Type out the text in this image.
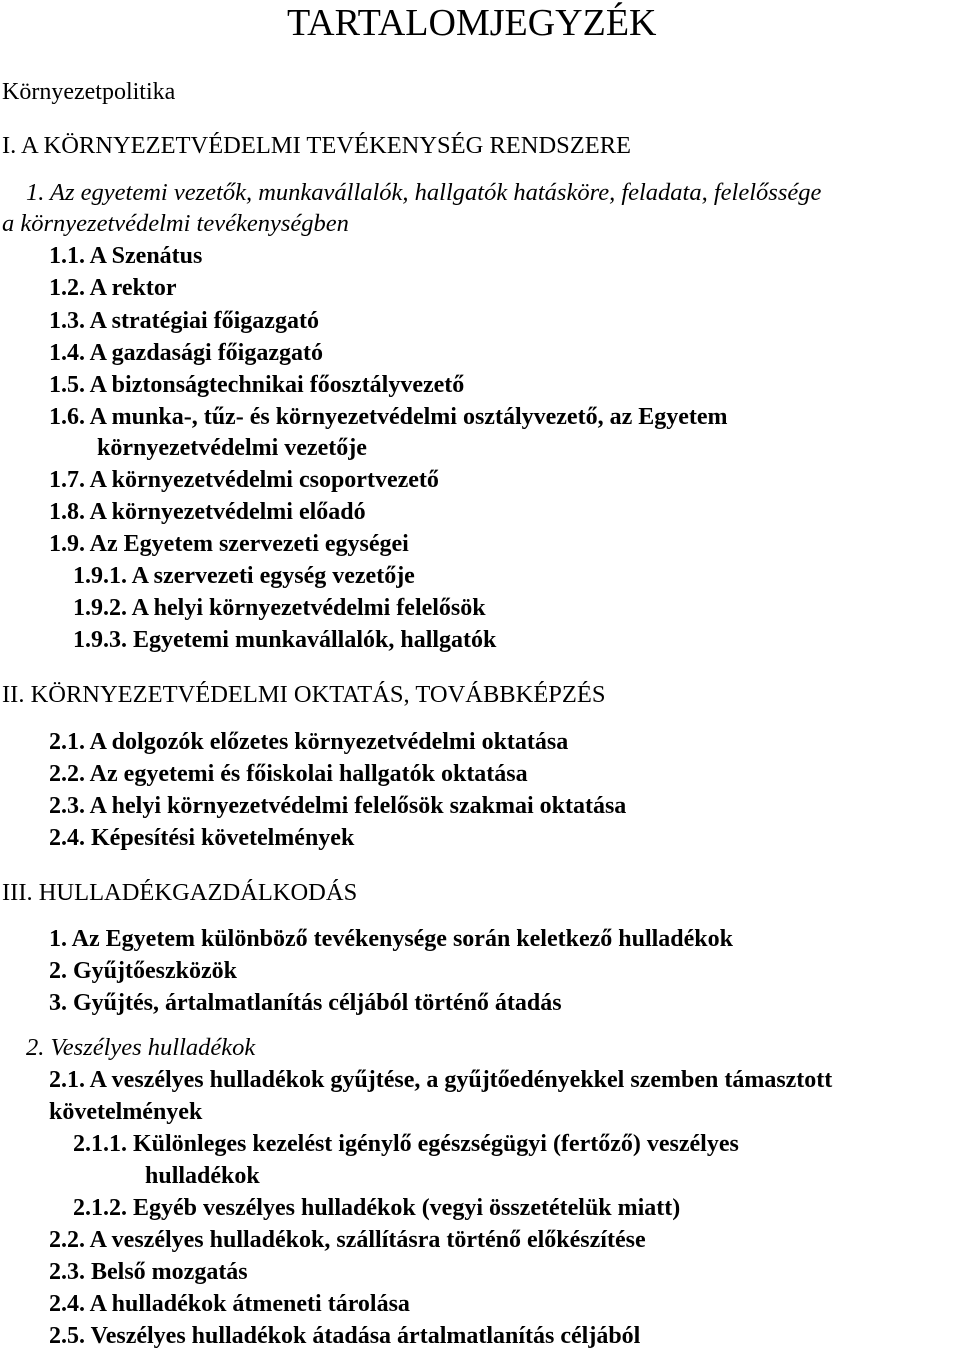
TARTALOMJEGYZÉK
Környezetpolitika
I. A KÖRNYEZETVÉDELMI TEVÉKENYSÉG RENDSZERE
1. Az egyetemi vezetők, munkavállalók, hallgatók hatásköre, feladata, felelőssége
a környezetvédelmi tevékenységben
1.1. A Szenátus
1.2. A rektor
1.3. A stratégiai főigazgató
1.4. A gazdasági főigazgató
1.5. A biztonságtechnikai főosztályvezető
1.6. A munka-, tűz- és környezetvédelmi osztályvezető, az Egyetem
környezetvédelmi vezetője
1.7. A környezetvédelmi csoportvezető
1.8. A környezetvédelmi előadó
1.9. Az Egyetem szervezeti egységei
1.9.1. A szervezeti egység vezetője
1.9.2. A helyi környezetvédelmi felelősök
1.9.3. Egyetemi munkavállalók, hallgatók
II. KÖRNYEZETVÉDELMI OKTATÁS, TOVÁBBKÉPZÉS
2.1. A dolgozók előzetes környezetvédelmi oktatása
2.2. Az egyetemi és főiskolai hallgatók oktatása
2.3. A helyi környezetvédelmi felelősök szakmai oktatása
2.4. Képesítési követelmények
III. HULLADÉKGAZDÁLKODÁS
1. Az Egyetem különböző tevékenysége során keletkező hulladékok
2. Gyűjtőeszközök
3. Gyűjtés, ártalmatlanítás céljából történő átadás
2. Veszélyes hulladékok
2.1. A veszélyes hulladékok gyűjtése, a gyűjtőedényekkel szemben támasztott
követelmények
2.1.1. Különleges kezelést igénylő egészségügyi (fertőző) veszélyes
hulladékok
2.1.2. Egyéb veszélyes hulladékok (vegyi összetételük miatt)
2.2. A veszélyes hulladékok, szállításra történő előkészítése
2.3. Belső mozgatás
2.4. A hulladékok átmeneti tárolása
2.5. Veszélyes hulladékok átadása ártalmatlanítás céljából
